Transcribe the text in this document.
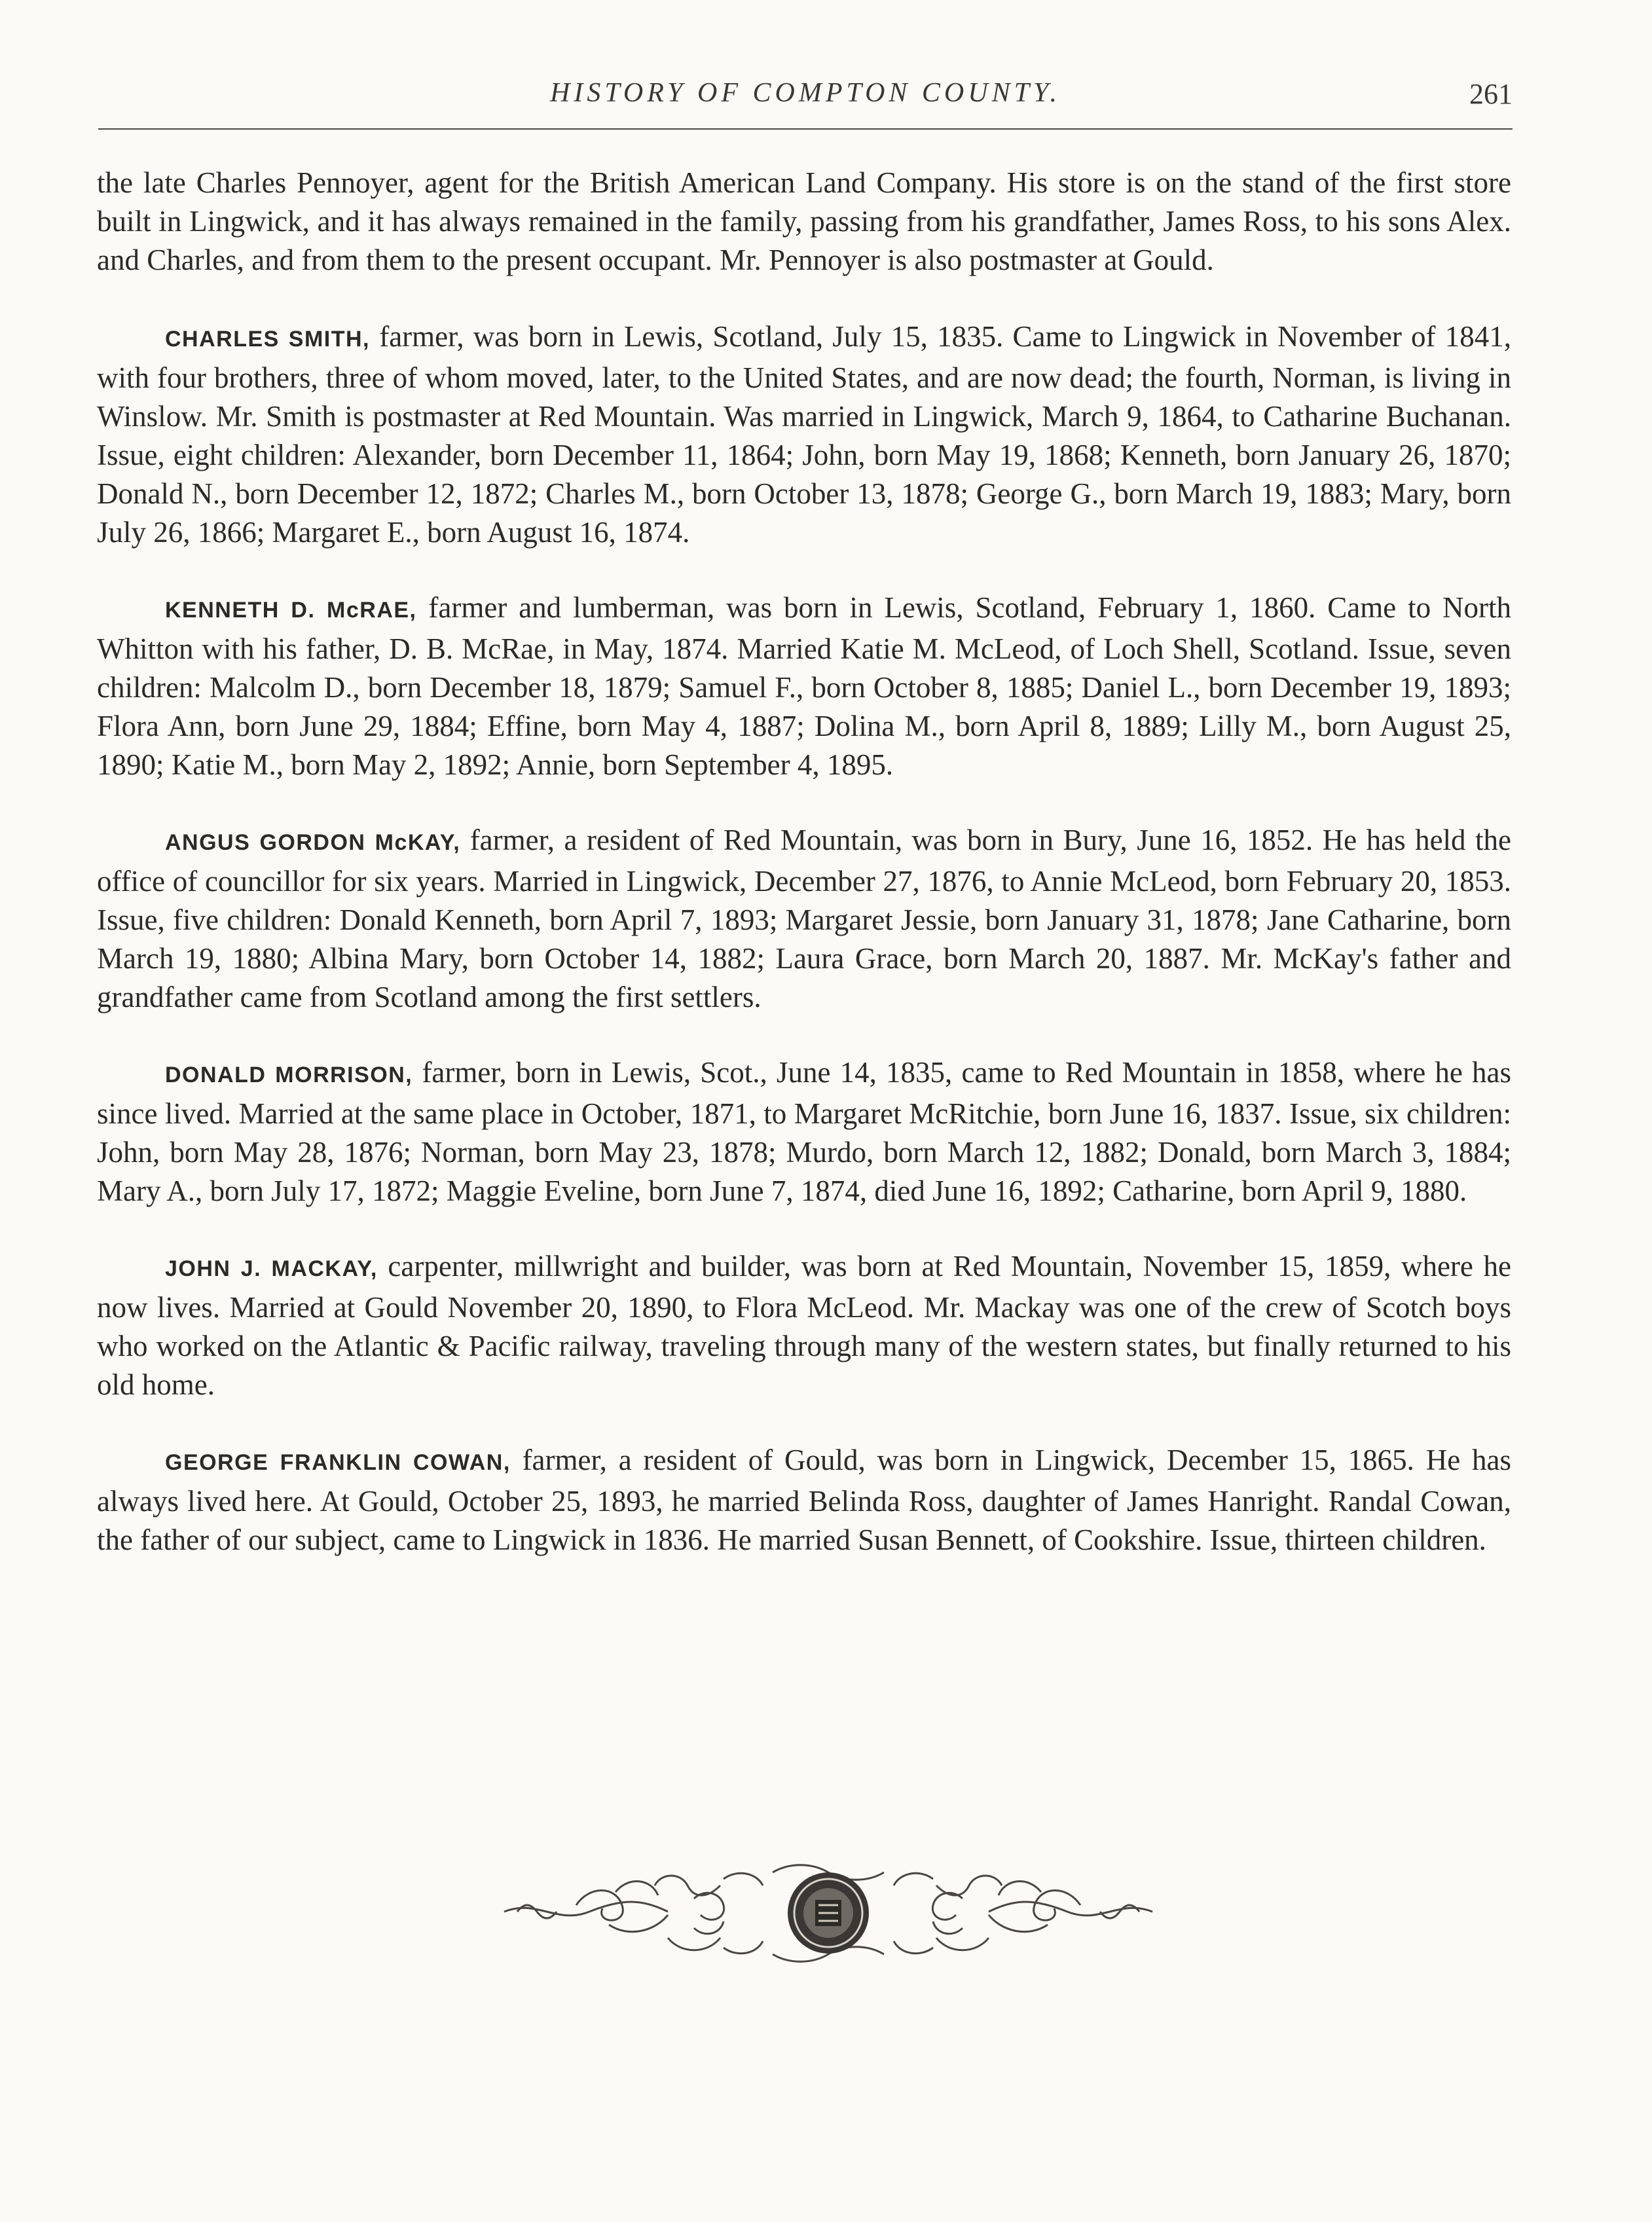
HISTORY OF COMPTON COUNTY.	261

the late Charles Pennoyer, agent for the British American Land Company. His store is on the stand of the first store built in Lingwick, and it has always remained in the family, passing from his grandfather, James Ross, to his sons Alex. and Charles, and from them to the present occupant. Mr. Pennoyer is also postmaster at Gould.

CHARLES SMITH, farmer, was born in Lewis, Scotland, July 15, 1835. Came to Lingwick in November of 1841, with four brothers, three of whom moved, later, to the United States, and are now dead; the fourth, Norman, is living in Winslow. Mr. Smith is postmaster at Red Mountain. Was married in Lingwick, March 9, 1864, to Catharine Buchanan. Issue, eight children: Alexander, born December 11, 1864; John, born May 19, 1868; Kenneth, born January 26, 1870; Donald N., born December 12, 1872; Charles M., born October 13, 1878; George G., born March 19, 1883; Mary, born July 26, 1866; Margaret E., born August 16, 1874.

KENNETH D. McRAE, farmer and lumberman, was born in Lewis, Scotland, February 1, 1860. Came to North Whitton with his father, D. B. McRae, in May, 1874. Married Katie M. McLeod, of Loch Shell, Scotland. Issue, seven children: Malcolm D., born December 18, 1879; Samuel F., born October 8, 1885; Daniel L., born December 19, 1893; Flora Ann, born June 29, 1884; Effine, born May 4, 1887; Dolina M., born April 8, 1889; Lilly M., born August 25, 1890; Katie M., born May 2, 1892; Annie, born September 4, 1895.

ANGUS GORDON McKAY, farmer, a resident of Red Mountain, was born in Bury, June 16, 1852. He has held the office of councillor for six years. Married in Lingwick, December 27, 1876, to Annie McLeod, born February 20, 1853. Issue, five children: Donald Kenneth, born April 7, 1893; Margaret Jessie, born January 31, 1878; Jane Catharine, born March 19, 1880; Albina Mary, born October 14, 1882; Laura Grace, born March 20, 1887. Mr. McKay's father and grandfather came from Scotland among the first settlers.

DONALD MORRISON, farmer, born in Lewis, Scot., June 14, 1835, came to Red Mountain in 1858, where he has since lived. Married at the same place in October, 1871, to Margaret McRitchie, born June 16, 1837. Issue, six children: John, born May 28, 1876; Norman, born May 23, 1878; Murdo, born March 12, 1882; Donald, born March 3, 1884; Mary A., born July 17, 1872; Maggie Eveline, born June 7, 1874, died June 16, 1892; Catharine, born April 9, 1880.

JOHN J. MACKAY, carpenter, millwright and builder, was born at Red Mountain, November 15, 1859, where he now lives. Married at Gould November 20, 1890, to Flora McLeod. Mr. Mackay was one of the crew of Scotch boys who worked on the Atlantic & Pacific railway, traveling through many of the western states, but finally returned to his old home.

GEORGE FRANKLIN COWAN, farmer, a resident of Gould, was born in Lingwick, December 15, 1865. He has always lived here. At Gould, October 25, 1893, he married Belinda Ross, daughter of James Hanright. Randal Cowan, the father of our subject, came to Lingwick in 1836. He married Susan Bennett, of Cookshire. Issue, thirteen children.
